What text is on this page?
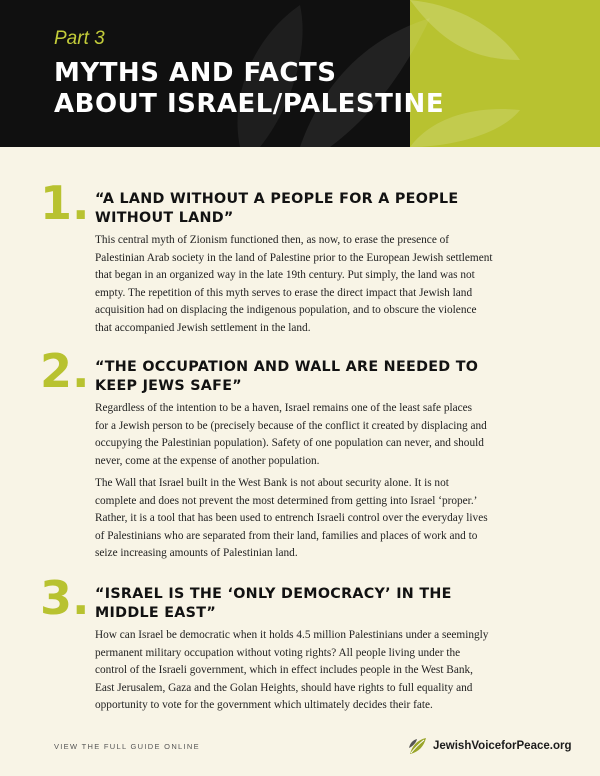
Part 3
MYTHS AND FACTS
ABOUT ISRAEL/PALESTINE
1. “A LAND WITHOUT A PEOPLE FOR A PEOPLE
WITHOUT LAND”
This central myth of Zionism functioned then, as now, to erase the presence of
Palestinian Arab society in the land of Palestine prior to the European Jewish settlement
that began in an organized way in the late 19th century. Put simply, the land was not
empty. The repetition of this myth serves to erase the direct impact that Jewish land
acquisition had on displacing the indigenous population, and to obscure the violence
that accompanied Jewish settlement in the land.
2. “THE OCCUPATION AND WALL ARE NEEDED TO
KEEP JEWS SAFE”
Regardless of the intention to be a haven, Israel remains one of the least safe places
for a Jewish person to be (precisely because of the conflict it created by displacing and
occupying the Palestinian population). Safety of one population can never, and should
never, come at the expense of another population.
The Wall that Israel built in the West Bank is not about security alone. It is not
complete and does not prevent the most determined from getting into Israel ‘proper.’
Rather, it is a tool that has been used to entrench Israeli control over the everyday lives
of Palestinians who are separated from their land, families and places of work and to
seize increasing amounts of Palestinian land.
3. “ISRAEL IS THE ‘ONLY DEMOCRACY’ IN THE
MIDDLE EAST”
How can Israel be democratic when it holds 4.5 million Palestinians under a seemingly
permanent military occupation without voting rights? All people living under the
control of the Israeli government, which in effect includes people in the West Bank,
East Jerusalem, Gaza and the Golan Heights, should have rights to full equality and
opportunity to vote for the government which ultimately decides their fate.
VIEW THE FULL GUIDE ONLINE	JewishVoiceforPeace.org
